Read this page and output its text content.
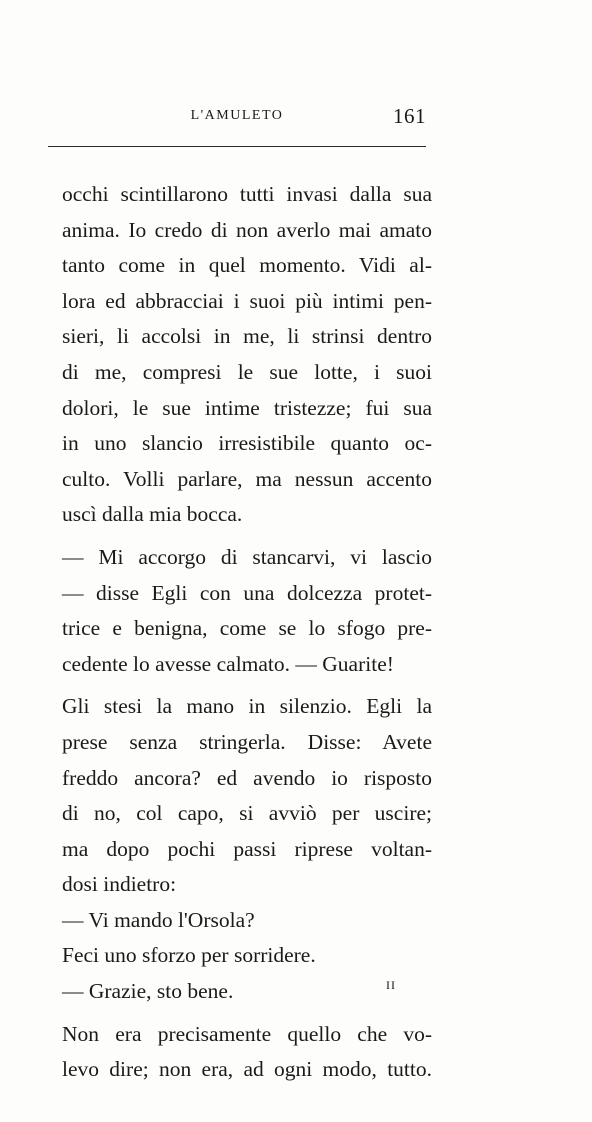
L'AMULETO	161
occhi scintillarono tutti invasi dalla sua
anima. Io credo di non averlo mai amato
tanto come in quel momento. Vidi al-
lora ed abbracciai i suoi più intimi pen-
sieri, li accolsi in me, li strinsi dentro
di me, compresi le sue lotte, i suoi
dolori, le sue intime tristezze; fui sua
in uno slancio irresistibile quanto oc-
culto. Volli parlare, ma nessun accento
uscì dalla mia bocca.
— Mi accorgo di stancarvi, vi lascio
— disse Egli con una dolcezza protet-
trice e benigna, come se lo sfogo pre-
cedente lo avesse calmato. — Guarite!
Gli stesi la mano in silenzio. Egli la
prese senza stringerla. Disse: Avete
freddo ancora? ed avendo io risposto
di no, col capo, si avviò per uscire;
ma dopo pochi passi riprese voltan-
dosi indietro:
— Vi mando l'Orsola?
Feci uno sforzo per sorridere.
— Grazie, sto bene.
Non era precisamente quello che vo-
levo dire; non era, ad ogni modo, tutto.
II
